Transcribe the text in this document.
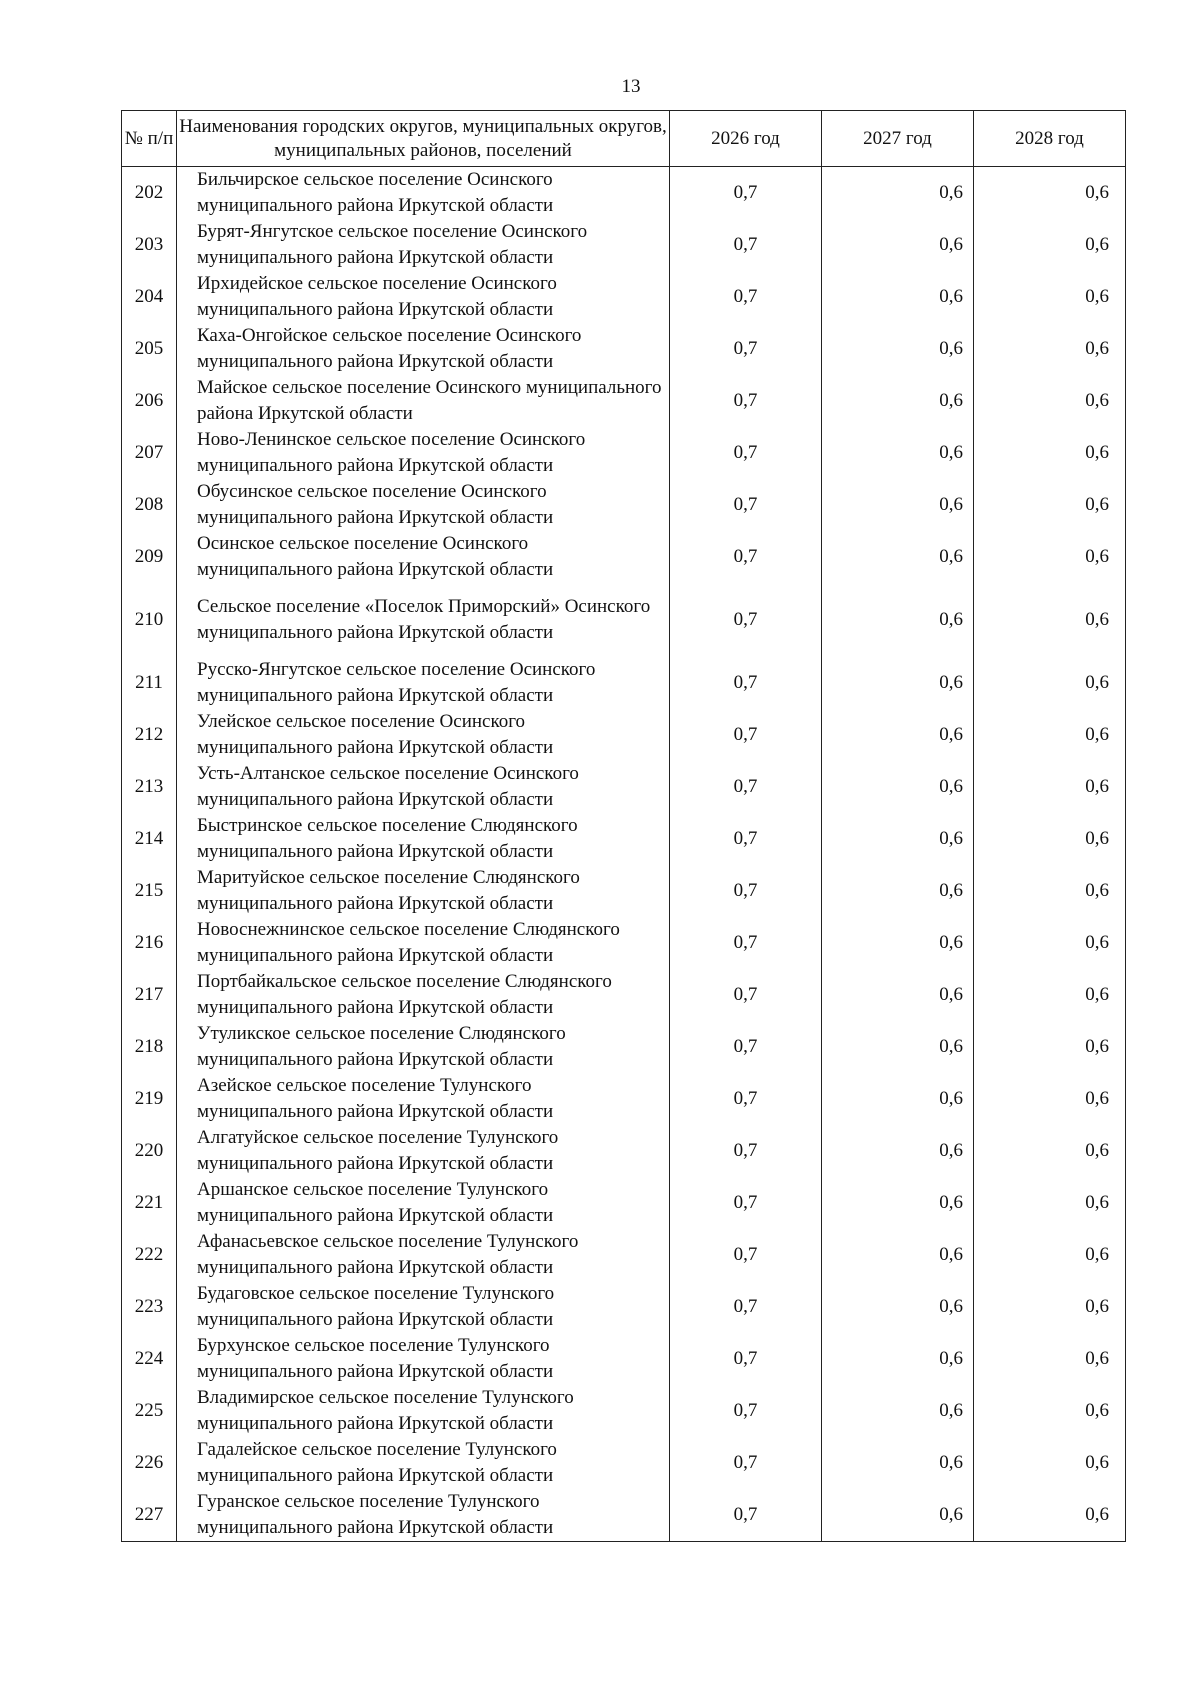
13
№ п/п	Наименования городских округов, муниципальных округов, муниципальных районов, поселений	2026 год	2027 год	2028 год
202	Бильчирское сельское поселение Осинского муниципального района Иркутской области	0,7	0,6	0,6
203	Бурят-Янгутское сельское поселение Осинского муниципального района Иркутской области	0,7	0,6	0,6
204	Ирхидейское сельское поселение Осинского муниципального района Иркутской области	0,7	0,6	0,6
205	Каха-Онгойское сельское поселение Осинского муниципального района Иркутской области	0,7	0,6	0,6
206	Майское сельское поселение Осинского муниципального района Иркутской области	0,7	0,6	0,6
207	Ново-Ленинское сельское поселение Осинского муниципального района Иркутской области	0,7	0,6	0,6
208	Обусинское сельское поселение Осинского муниципального района Иркутской области	0,7	0,6	0,6
209	Осинское сельское поселение Осинского муниципального района Иркутской области	0,7	0,6	0,6
210	Сельское поселение «Поселок Приморский» Осинского муниципального района Иркутской области	0,7	0,6	0,6
211	Русско-Янгутское сельское поселение Осинского муниципального района Иркутской области	0,7	0,6	0,6
212	Улейское сельское поселение Осинского муниципального района Иркутской области	0,7	0,6	0,6
213	Усть-Алтанское сельское поселение Осинского муниципального района Иркутской области	0,7	0,6	0,6
214	Быстринское сельское поселение Слюдянского муниципального района Иркутской области	0,7	0,6	0,6
215	Маритуйское сельское поселение Слюдянского муниципального района Иркутской области	0,7	0,6	0,6
216	Новоснежнинское сельское поселение Слюдянского муниципального района Иркутской области	0,7	0,6	0,6
217	Портбайкальское сельское поселение Слюдянского муниципального района Иркутской области	0,7	0,6	0,6
218	Утуликское сельское поселение Слюдянского муниципального района Иркутской области	0,7	0,6	0,6
219	Азейское сельское поселение Тулунского муниципального района Иркутской области	0,7	0,6	0,6
220	Алгатуйское сельское поселение Тулунского муниципального района Иркутской области	0,7	0,6	0,6
221	Аршанское сельское поселение Тулунского муниципального района Иркутской области	0,7	0,6	0,6
222	Афанасьевское сельское поселение Тулунского муниципального района Иркутской области	0,7	0,6	0,6
223	Будаговское сельское поселение Тулунского муниципального района Иркутской области	0,7	0,6	0,6
224	Бурхунское сельское поселение Тулунского муниципального района Иркутской области	0,7	0,6	0,6
225	Владимирское сельское поселение Тулунского муниципального района Иркутской области	0,7	0,6	0,6
226	Гадалейское сельское поселение Тулунского муниципального района Иркутской области	0,7	0,6	0,6
227	Гуранское сельское поселение Тулунского муниципального района Иркутской области	0,7	0,6	0,6
